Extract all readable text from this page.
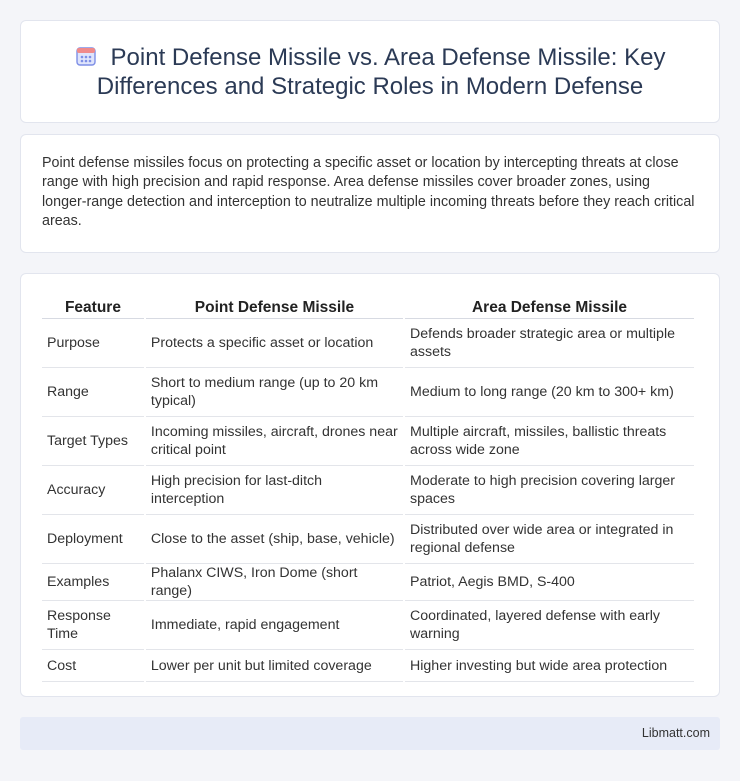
Point Defense Missile vs. Area Defense Missile: Key Differences and Strategic Roles in Modern Defense

Point defense missiles focus on protecting a specific asset or location by intercepting threats at close range with high precision and rapid response. Area defense missiles cover broader zones, using longer-range detection and interception to neutralize multiple incoming threats before they reach critical areas.

Feature	Point Defense Missile	Area Defense Missile
Purpose	Protects a specific asset or location	Defends broader strategic area or multiple assets
Range	Short to medium range (up to 20 km typical)	Medium to long range (20 km to 300+ km)
Target Types	Incoming missiles, aircraft, drones near critical point	Multiple aircraft, missiles, ballistic threats across wide zone
Accuracy	High precision for last-ditch interception	Moderate to high precision covering larger spaces
Deployment	Close to the asset (ship, base, vehicle)	Distributed over wide area or integrated in regional defense
Examples	Phalanx CIWS, Iron Dome (short range)	Patriot, Aegis BMD, S-400
Response Time	Immediate, rapid engagement	Coordinated, layered defense with early warning
Cost	Lower per unit but limited coverage	Higher investing but wide area protection
Libmatt.com
